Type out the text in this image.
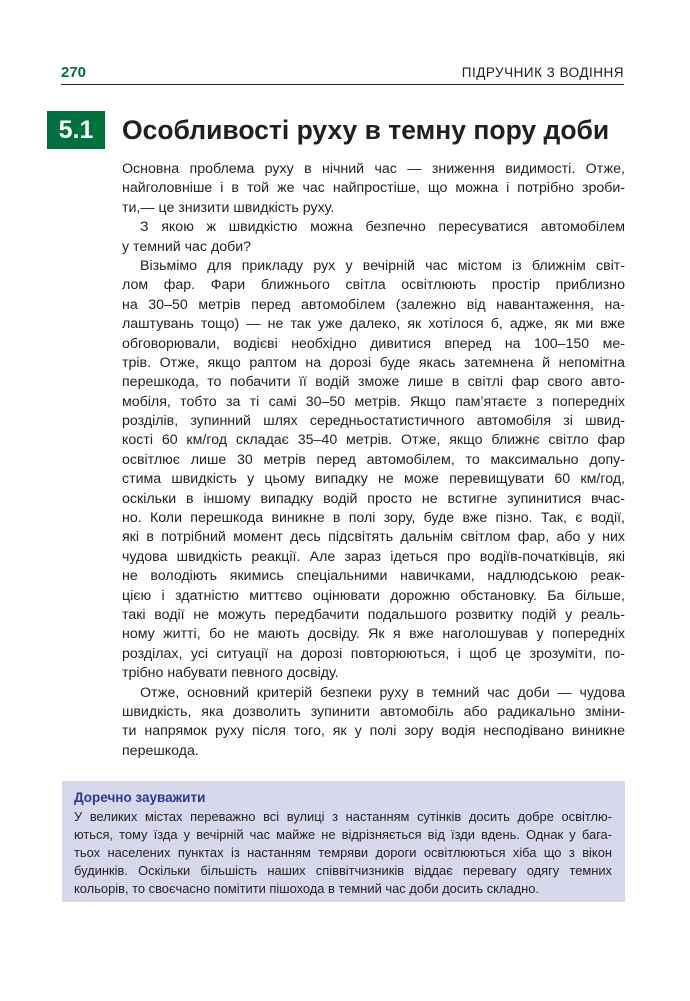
270	ПІДРУЧНИК З ВОДІННЯ
5.1	Особливості руху в темну пору доби
Основна проблема руху в нічний час — зниження видимості. Отже,
найголовніше і в той же час найпростіше, що можна і потрібно зроби-
ти,— це знизити швидкість руху.
З якою ж швидкістю можна безпечно пересуватися автомобілем
у темний час доби?
Візьмімо для прикладу рух у вечірній час містом із ближнім світ-
лом фар. Фари ближнього світла освітлюють простір приблизно
на 30–50 метрів перед автомобілем (залежно від навантаження, на-
лаштувань тощо) — не так уже далеко, як хотілося б, адже, як ми вже
обговорювали, водієві необхідно дивитися вперед на 100–150 ме-
трів. Отже, якщо раптом на дорозі буде якась затемнена й непомітна
перешкода, то побачити її водій зможе лише в світлі фар свого авто-
мобіля, тобто за ті самі 30–50 метрів. Якщо пам’ятаєте з попередніх
розділів, зупинний шлях середньостатистичного автомобіля зі швид-
кості 60 км/год складає 35–40 метрів. Отже, якщо ближнє світло фар
освітлює лише 30 метрів перед автомобілем, то максимально допу-
стима швидкість у цьому випадку не може перевищувати 60 км/год,
оскільки в іншому випадку водій просто не встигне зупинитися вчас-
но. Коли перешкода виникне в полі зору, буде вже пізно. Так, є водії,
які в потрібний момент десь підсвітять дальнім світлом фар, або у них
чудова швидкість реакції. Але зараз ідеться про водіїв-початківців, які
не володіють якимись спеціальними навичками, надлюдською реак-
цією і здатністю миттєво оцінювати дорожню обстановку. Ба більше,
такі водії не можуть передбачити подальшого розвитку подій у реаль-
ному житті, бо не мають досвіду. Як я вже наголошував у попередніх
розділах, усі ситуації на дорозі повторюються, і щоб це зрозуміти, по-
трібно набувати певного досвіду.
Отже, основний критерій безпеки руху в темний час доби — чудова
швидкість, яка дозволить зупинити автомобіль або радикально зміни-
ти напрямок руху після того, як у полі зору водія несподівано виникне
перешкода.
Доречно зауважити
У великих містах переважно всі вулиці з настанням сутінків досить добре освітлю-
ються, тому їзда у вечірній час майже не відрізняється від їзди вдень. Однак у бага-
тьох населених пунктах із настанням темряви дороги освітлюються хіба що з вікон
будинків. Оскільки більшість наших співвітчизників віддає перевагу одягу темних
кольорів, то своєчасно помітити пішохода в темний час доби досить складно.
